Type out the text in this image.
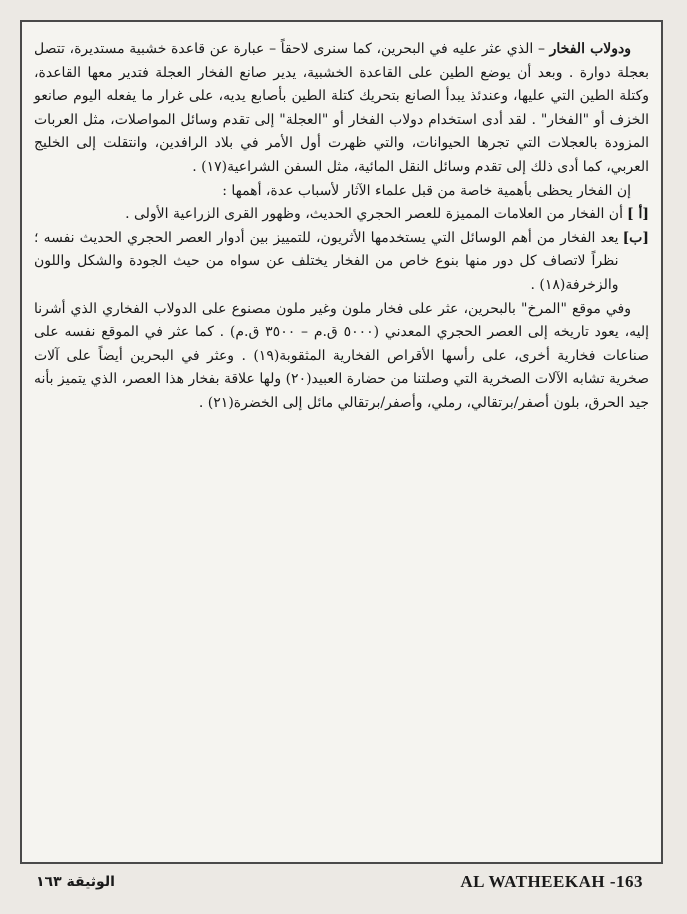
ودولاب الفخار – الذي عثر عليه في البحرين، كما سنرى لاحقاً – عبارة عن قاعدة خشبية مستديرة، تتصل بعجلة دوارة . وبعد أن يوضع الطين على القاعدة الخشبية، يدير صانع الفخار العجلة فتدير معها القاعدة، وكتلة الطين التي عليها، وعندئذ يبدأ الصانع بتحريك كتلة الطين بأصابع يديه، على غرار ما يفعله اليوم صانعو الخزف أو "الفخار" . لقد أدى استخدام دولاب الفخار أو "العجلة" إلى تقدم وسائل المواصلات، مثل العربات المزودة بالعجلات التي تجرها الحيوانات، والتي ظهرت أول الأمر في بلاد الرافدين، وانتقلت إلى الخليج العربي، كما أدى ذلك إلى تقدم وسائل النقل المائية، مثل السفن الشراعية(١٧) .

إن الفخار يحظى بأهمية خاصة من قبل علماء الآثار لأسباب عدة، أهمها :

[أ ]
أن الفخار من العلامات المميزة للعصر الحجري الحديث، وظهور القرى الزراعية الأولى .
[ب]
يعد الفخار من أهم الوسائل التي يستخدمها الأثريون، للتمييز بين أدوار العصر الحجري الحديث نفسه ؛ نظراً لاتصاف كل دور منها بنوع خاص من الفخار يختلف عن سواه من حيث الجودة والشكل واللون والزخرفة(١٨) .

وفي موقع "المرخ" بالبحرين، عثر على فخار ملون وغير ملون مصنوع على الدولاب الفخاري الذي أشرنا إليه، يعود تاريخه إلى العصر الحجري المعدني (٥٠٠٠ ق.م – ٣٥٠٠ ق.م) . كما عثر في الموقع نفسه على صناعات فخارية أخرى، على رأسها الأقراص الفخارية المثقوبة(١٩) . وعثر في البحرين أيضاً على آلات صخرية تشابه الآلات الصخرية التي وصلتنا من حضارة العبيد(٢٠) ولها علاقة بفخار هذا العصر، الذي يتميز بأنه جيد الحرق، بلون أصفر/برتقالي، رملي، وأصفر/برتقالي مائل إلى الخضرة(٢١) .

الوثيقة ١٦٣	AL WATHEEKAH -163
